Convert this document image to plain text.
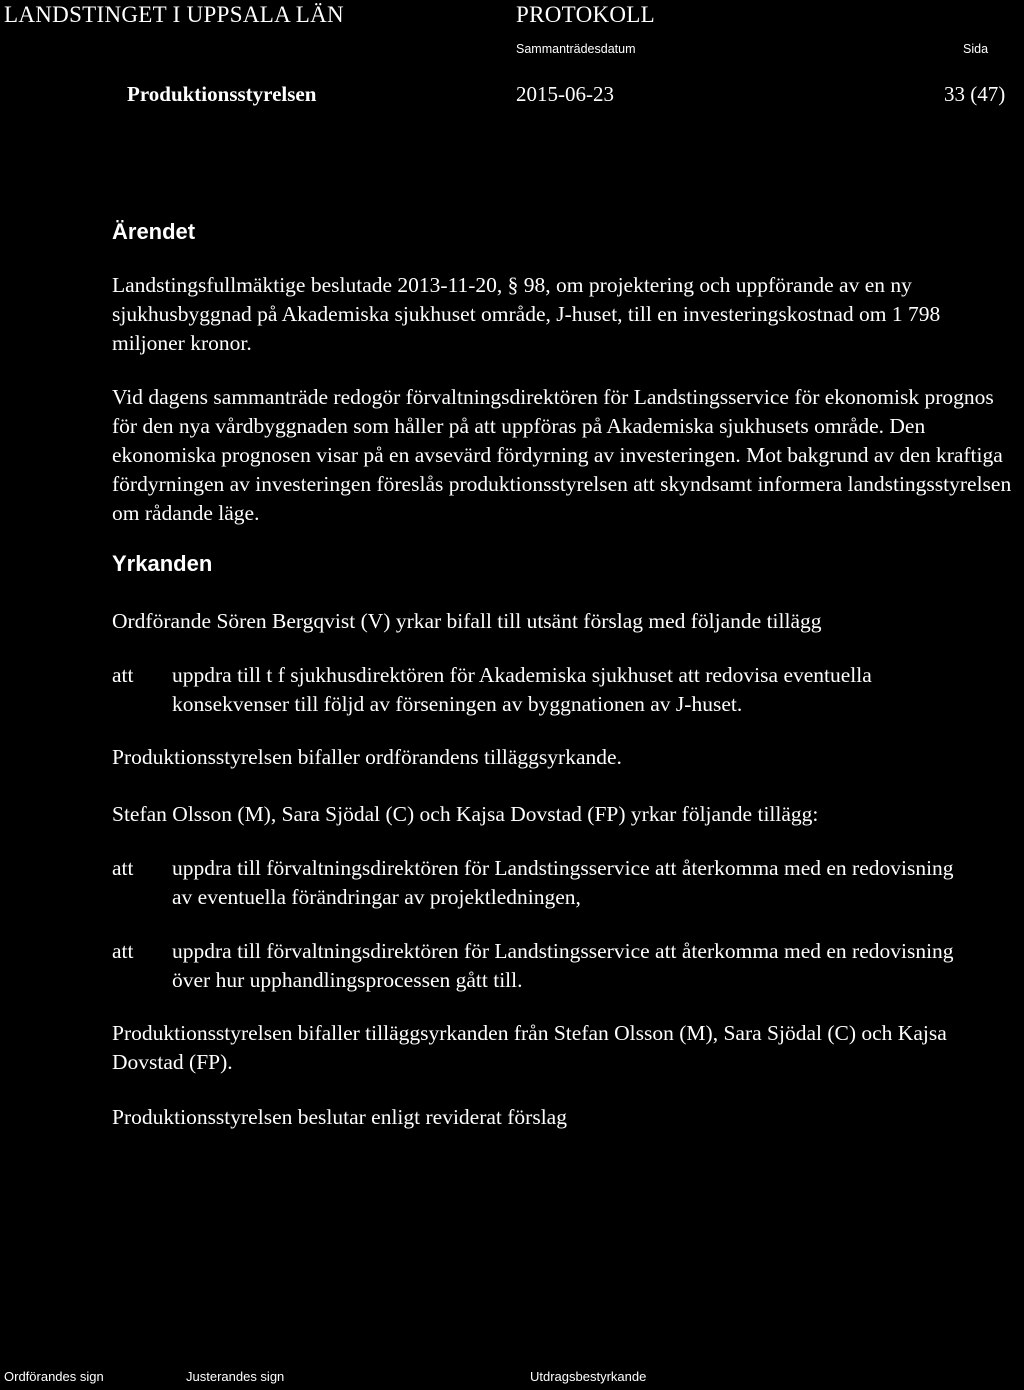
LANDSTINGET I UPPSALA LÄN	PROTOKOLL
Sammanträdesdatum	Sida
Produktionsstyrelsen	2015-06-23	33 (47)
Ärendet
Landstingsfullmäktige beslutade 2013-11-20, § 98, om projektering och uppförande av en ny sjukhusbyggnad på Akademiska sjukhuset område, J-huset, till en investeringskostnad om 1 798 miljoner kronor.
Vid dagens sammanträde redogör förvaltningsdirektören för Landstingsservice för ekonomisk prognos för den nya vårdbyggnaden som håller på att uppföras på Akademiska sjukhusets område. Den ekonomiska prognosen visar på en avsevärd fördyrning av investeringen. Mot bakgrund av den kraftiga fördyrningen av investeringen föreslås produktionsstyrelsen att skyndsamt informera landstingsstyrelsen om rådande läge.
Yrkanden
Ordförande Sören Bergqvist (V) yrkar bifall till utsänt förslag med följande tillägg
att uppdra till t f sjukhusdirektören för Akademiska sjukhuset att redovisa eventuella konsekvenser till följd av förseningen av byggnationen av J-huset.
Produktionsstyrelsen bifaller ordförandens tilläggsyrkande.
Stefan Olsson (M), Sara Sjödal (C) och Kajsa Dovstad (FP) yrkar följande tillägg:
att uppdra till förvaltningsdirektören för Landstingsservice att återkomma med en redovisning av eventuella förändringar av projektledningen,
att uppdra till förvaltningsdirektören för Landstingsservice att återkomma med en redovisning över hur upphandlingsprocessen gått till.
Produktionsstyrelsen bifaller tilläggsyrkanden från Stefan Olsson (M), Sara Sjödal (C) och Kajsa Dovstad (FP).
Produktionsstyrelsen beslutar enligt reviderat förslag
Ordförandes sign	Justerandes sign	Utdragsbestyrkande
